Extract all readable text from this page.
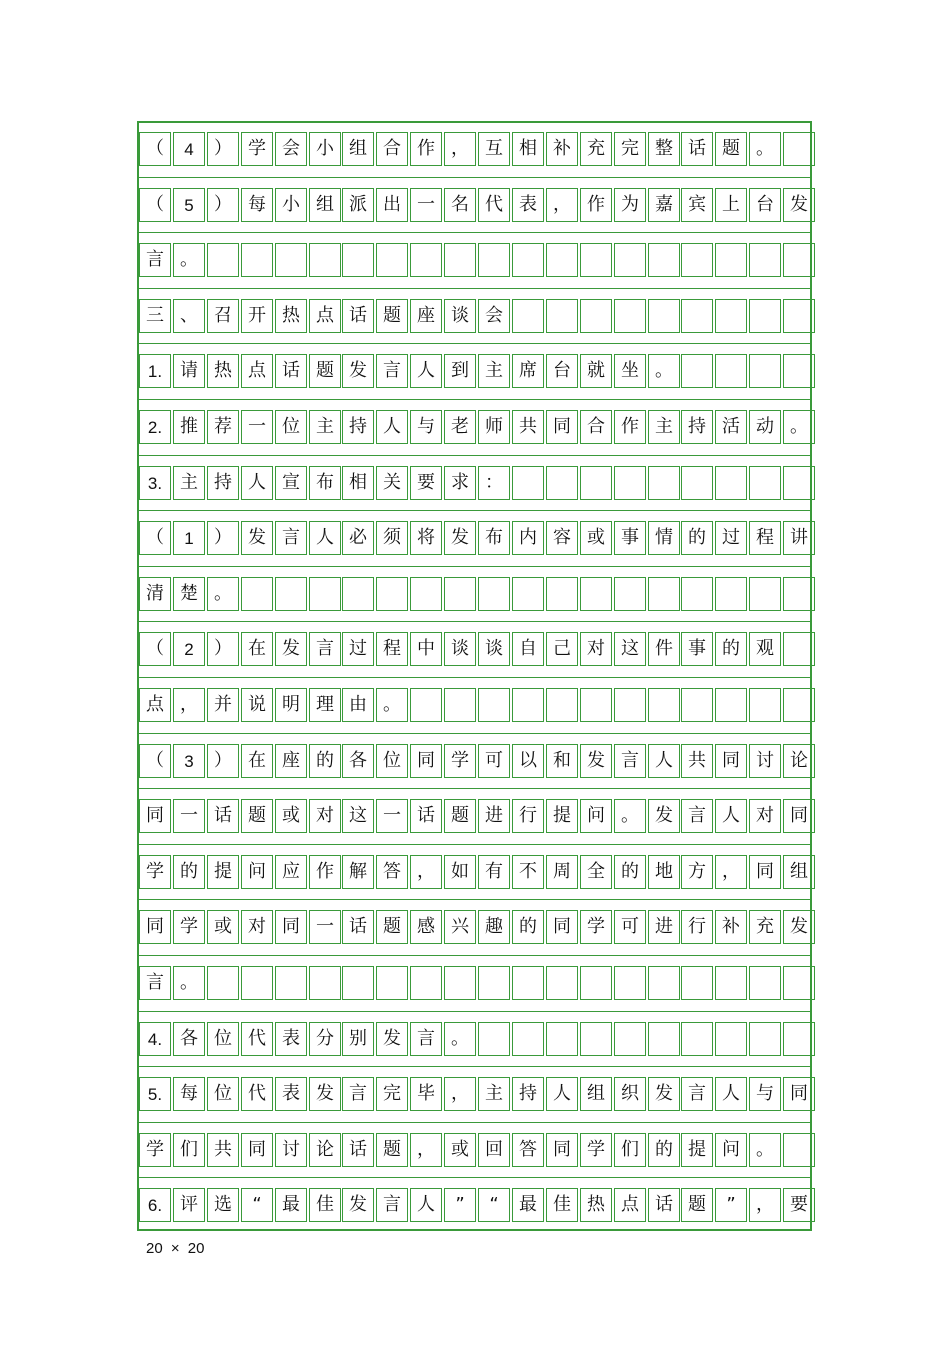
（	4	） 学 会 小 组 合 作 ， 互 相 补 充 完 整 话 题 。
（	5	） 每 小 组 派 出 一 名 代 表 ， 作 为 嘉 宾 上 台 发
言 。
三 、 召 开 热 点 话 题 座 谈 会
1. 请 热 点 话 题 发 言 人 到 主 席 台 就 坐 。
2. 推 荐 一 位 主 持 人 与 老 师 共 同 合 作 主 持 活 动 。
3. 主 持 人 宣 布 相 关 要 求 ：
（	1	） 发 言 人 必 须 将 发 布 内 容 或 事 情 的 过 程 讲
清 楚 。
（	2	） 在 发 言 过 程 中 谈 谈 自 己 对 这 件 事 的 观
点 ， 并 说 明 理 由 。
（	3	） 在 座 的 各 位 同 学 可 以 和 发 言 人 共 同 讨 论
同 一 话 题 或 对 这 一 话 题 进 行 提 问 。 发 言 人 对 同
学 的 提 问 应 作 解 答 ， 如 有 不 周 全 的 地 方 ， 同 组
同 学 或 对 同 一 话 题 感 兴 趣 的 同 学 可 进 行 补 充 发
言 。
4. 各 位 代 表 分 别 发 言 。
5. 每 位 代 表 发 言 完 毕 ， 主 持 人 组 织 发 言 人 与 同
学 们 共 同 讨 论 话 题 ， 或 回 答 同 学 们 的 提 问 。
6. 评 选	“	最 佳 发 言 人	”	“	最 佳 热 点 话 题	”	， 要
20 × 20
